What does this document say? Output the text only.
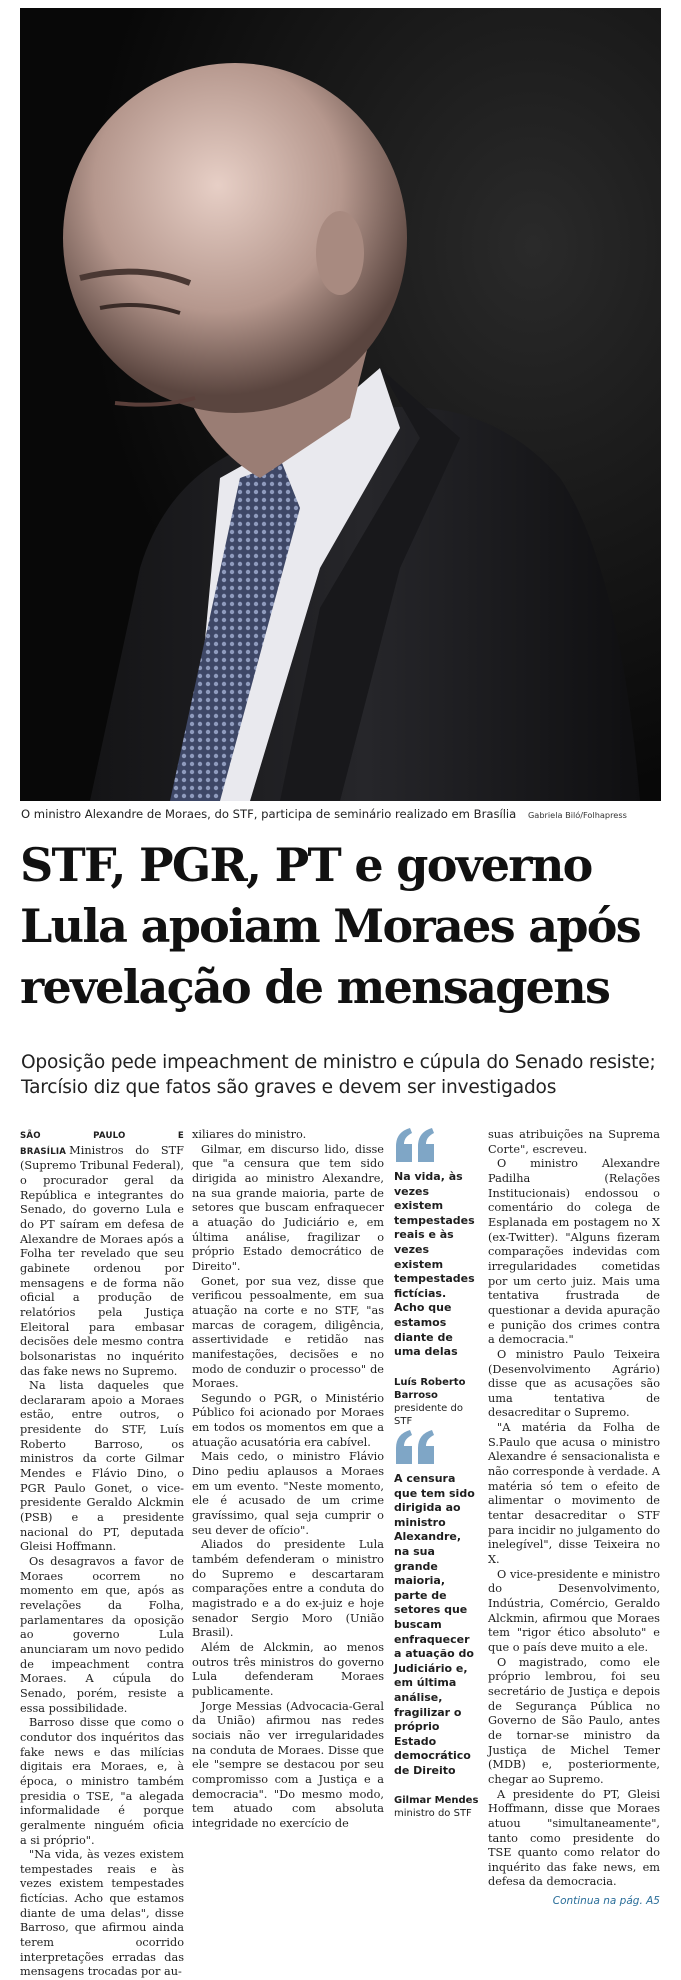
O ministro Alexandre de Moraes, do STF, participa de seminário realizado em Brasília Gabriela Biló/Folhapress
STF, PGR, PT e governo
Lula apoiam Moraes após
revelação de mensagens

Oposição pede impeachment de ministro e cúpula do Senado resiste; Tarcísio diz que fatos são graves e devem ser investigados

SÃO PAULO E BRASÍLIA Ministros do STF (Supremo Tribunal Federal), o procurador geral da República e integrantes do Senado, do governo Lula e do PT saíram em defesa de Alexandre de Moraes após a Folha ter revelado que seu gabinete ordenou por mensagens e de forma não oficial a produção de relatórios pela Justiça Eleitoral para embasar decisões dele mesmo contra bolsonaristas no inquérito das fake news no Supremo.

Na lista daqueles que declararam apoio a Moraes estão, entre outros, o presidente do STF, Luís Roberto Barroso, os ministros da corte Gilmar Mendes e Flávio Dino, o PGR Paulo Gonet, o vice-presidente Geraldo Alckmin (PSB) e a presidente nacional do PT, deputada Gleisi Hoffmann.

Os desagravos a favor de Moraes ocorrem no momento em que, após as revelações da Folha, parlamentares da oposição ao governo Lula anunciaram um novo pedido de impeachment contra Moraes. A cúpula do Senado, porém, resiste a essa possibilidade.

Barroso disse que como o condutor dos inquéritos das fake news e das milícias digitais era Moraes, e, à época, o ministro também presidia o TSE, "a alegada informalidade é porque geralmente ninguém oficia a si próprio".

"Na vida, às vezes existem tempestades reais e às vezes existem tempestades fictícias. Acho que estamos diante de uma delas", disse Barroso, que afirmou ainda terem ocorrido interpretações erradas das mensagens trocadas por au-

xiliares do ministro.

Gilmar, em discurso lido, disse que "a censura que tem sido dirigida ao ministro Alexandre, na sua grande maioria, parte de setores que buscam enfraquecer a atuação do Judiciário e, em última análise, fragilizar o próprio Estado democrático de Direito".

Gonet, por sua vez, disse que verificou pessoalmente, em sua atuação na corte e no STF, "as marcas de coragem, diligência, assertividade e retidão nas manifestações, decisões e no modo de conduzir o processo" de Moraes.

Segundo o PGR, o Ministério Público foi acionado por Moraes em todos os momentos em que a atuação acusatória era cabível.

Mais cedo, o ministro Flávio Dino pediu aplausos a Moraes em um evento. "Neste momento, ele é acusado de um crime gravíssimo, qual seja cumprir o seu dever de ofício".

Aliados do presidente Lula também defenderam o ministro do Supremo e descartaram comparações entre a conduta do magistrado e a do ex-juiz e hoje senador Sergio Moro (União Brasil).

Além de Alckmin, ao menos outros três ministros do governo Lula defenderam Moraes publicamente.

Jorge Messias (Advocacia-Geral da União) afirmou nas redes sociais não ver irregularidades na conduta de Moraes. Disse que ele "sempre se destacou por seu compromisso com a Justiça e a democracia". "Do mesmo modo, tem atuado com absoluta integridade no exercício de

Na vida, às vezes existem tempestades reais e às vezes existem tempestades fictícias. Acho que estamos diante de uma delas

Luís Roberto Barroso

presidente do STF

A censura que tem sido dirigida ao ministro Alexandre, na sua grande maioria, parte de setores que buscam enfraquecer a atuação do Judiciário e, em última análise, fragilizar o próprio Estado democrático de Direito

Gilmar Mendes

ministro do STF

suas atribuições na Suprema Corte", escreveu.

O ministro Alexandre Padilha (Relações Institucionais) endossou o comentário do colega de Esplanada em postagem no X (ex-Twitter). "Alguns fizeram comparações indevidas com irregularidades cometidas por um certo juiz. Mais uma tentativa frustrada de questionar a devida apuração e punição dos crimes contra a democracia."

O ministro Paulo Teixeira (Desenvolvimento Agrário) disse que as acusações são uma tentativa de desacreditar o Supremo.

"A matéria da Folha de S.Paulo que acusa o ministro Alexandre é sensacionalista e não corresponde à verdade. A matéria só tem o efeito de alimentar o movimento de tentar desacreditar o STF para incidir no julgamento do inelegível", disse Teixeira no X.

O vice-presidente e ministro do Desenvolvimento, Indústria, Comércio, Geraldo Alckmin, afirmou que Moraes tem "rigor ético absoluto" e que o país deve muito a ele.

O magistrado, como ele próprio lembrou, foi seu secretário de Justiça e depois de Segurança Pública no Governo de São Paulo, antes de tornar-se ministro da Justiça de Michel Temer (MDB) e, posteriormente, chegar ao Supremo.

A presidente do PT, Gleisi Hoffmann, disse que Moraes atuou "simultaneamente", tanto como presidente do TSE quanto como relator do inquérito das fake news, em defesa da democracia.

Continua na pág. A5
